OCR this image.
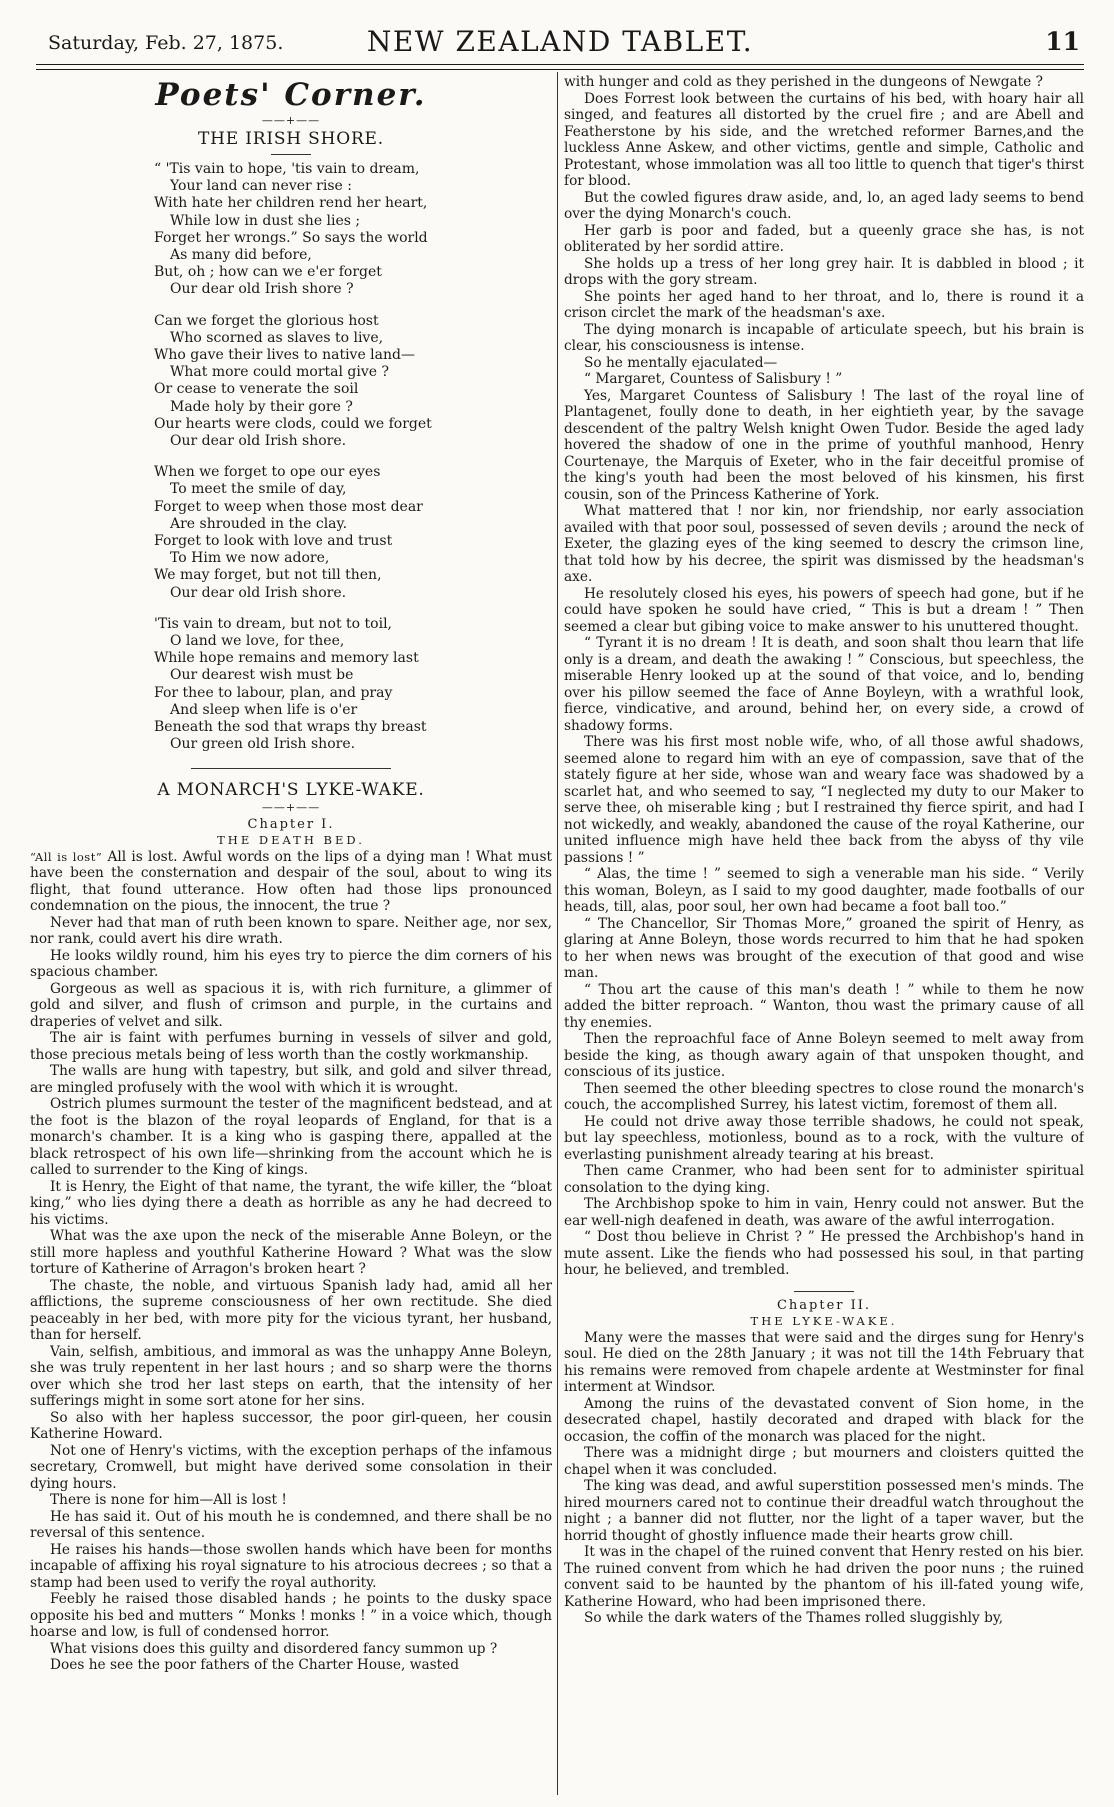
Saturday, Feb. 27, 1875.	NEW ZEALAND TABLET.	11
Poets' Corner.
——+——
THE IRISH SHORE.
“ 'Tis vain to hope, 'tis vain to dream,
Your land can never rise :
With hate her children rend her heart,
While low in dust she lies ;
Forget her wrongs.” So says the world
As many did before,
But, oh ; how can we e'er forget
Our dear old Irish shore ?
Can we forget the glorious host
Who scorned as slaves to live,
Who gave their lives to native land—
What more could mortal give ?
Or cease to venerate the soil
Made holy by their gore ?
Our hearts were clods, could we forget
Our dear old Irish shore.
When we forget to ope our eyes
To meet the smile of day,
Forget to weep when those most dear
Are shrouded in the clay.
Forget to look with love and trust
To Him we now adore,
We may forget, but not till then,
Our dear old Irish shore.
'Tis vain to dream, but not to toil,
O land we love, for thee,
While hope remains and memory last
Our dearest wish must be
For thee to labour, plan, and pray
And sleep when life is o'er
Beneath the sod that wraps thy breast
Our green old Irish shore.
A MONARCH'S LYKE-WAKE.
——+——
Chapter I.
THE DEATH BED.

“All is lost” All is lost. Awful words on the lips of a dying man ! What must have been the consternation and despair of the soul, about to wing its flight, that found utterance. How often had those lips pronounced condemnation on the pious, the innocent, the true ?

Never had that man of ruth been known to spare. Neither age, nor sex, nor rank, could avert his dire wrath.

He looks wildly round, him his eyes try to pierce the dim corners of his spacious chamber.

Gorgeous as well as spacious it is, with rich furniture, a glimmer of gold and silver, and flush of crimson and purple, in the curtains and draperies of velvet and silk.

The air is faint with perfumes burning in vessels of silver and gold, those precious metals being of less worth than the costly workmanship.

The walls are hung with tapestry, but silk, and gold and silver thread, are mingled profusely with the wool with which it is wrought.

Ostrich plumes surmount the tester of the magnificent bedstead, and at the foot is the blazon of the royal leopards of England, for that is a monarch's chamber. It is a king who is gasping there, appalled at the black retrospect of his own life—shrinking from the account which he is called to surrender to the King of kings.

It is Henry, the Eight of that name, the tyrant, the wife killer, the “bloat king,” who lies dying there a death as horrible as any he had decreed to his victims.

What was the axe upon the neck of the miserable Anne Boleyn, or the still more hapless and youthful Katherine Howard ? What was the slow torture of Katherine of Arragon's broken heart ?

The chaste, the noble, and virtuous Spanish lady had, amid all her afflictions, the supreme consciousness of her own rectitude. She died peaceably in her bed, with more pity for the vicious tyrant, her husband, than for herself.

Vain, selfish, ambitious, and immoral as was the unhappy Anne Boleyn, she was truly repentent in her last hours ; and so sharp were the thorns over which she trod her last steps on earth, that the intensity of her sufferings might in some sort atone for her sins.

So also with her hapless successor, the poor girl-queen, her cousin Katherine Howard.

Not one of Henry's victims, with the exception perhaps of the infamous secretary, Cromwell, but might have derived some consolation in their dying hours.

There is none for him—All is lost !

He has said it. Out of his mouth he is condemned, and there shall be no reversal of this sentence.

He raises his hands—those swollen hands which have been for months incapable of affixing his royal signature to his atrocious decrees ; so that a stamp had been used to verify the royal authority.

Feebly he raised those disabled hands ; he points to the dusky space opposite his bed and mutters “ Monks ! monks ! ” in a voice which, though hoarse and low, is full of condensed horror.

What visions does this guilty and disordered fancy summon up ?

Does he see the poor fathers of the Charter House, wasted

with hunger and cold as they perished in the dungeons of Newgate ?

Does Forrest look between the curtains of his bed, with hoary hair all singed, and features all distorted by the cruel fire ; and are Abell and Featherstone by his side, and the wretched reformer Barnes,and the luckless Anne Askew, and other victims, gentle and simple, Catholic and Protestant, whose immolation was all too little to quench that tiger's thirst for blood.

But the cowled figures draw aside, and, lo, an aged lady seems to bend over the dying Monarch's couch.

Her garb is poor and faded, but a queenly grace she has, is not obliterated by her sordid attire.

She holds up a tress of her long grey hair. It is dabbled in blood ; it drops with the gory stream.

She points her aged hand to her throat, and lo, there is round it a crison circlet the mark of the headsman's axe.

The dying monarch is incapable of articulate speech, but his brain is clear, his consciousness is intense.

So he mentally ejaculated—

“ Margaret, Countess of Salisbury ! ”

Yes, Margaret Countess of Salisbury ! The last of the royal line of Plantagenet, foully done to death, in her eightieth year, by the savage descendent of the paltry Welsh knight Owen Tudor. Beside the aged lady hovered the shadow of one in the prime of youthful manhood, Henry Courtenaye, the Marquis of Exeter, who in the fair deceitful promise of the king's youth had been the most beloved of his kinsmen, his first cousin, son of the Princess Katherine of York.

What mattered that ! nor kin, nor friendship, nor early association availed with that poor soul, possessed of seven devils ; around the neck of Exeter, the glazing eyes of the king seemed to descry the crimson line, that told how by his decree, the spirit was dismissed by the headsman's axe.

He resolutely closed his eyes, his powers of speech had gone, but if he could have spoken he sould have cried, “ This is but a dream ! ” Then seemed a clear but gibing voice to make answer to his unuttered thought.

“ Tyrant it is no dream ! It is death, and soon shalt thou learn that life only is a dream, and death the awaking ! ” Conscious, but speechless, the miserable Henry looked up at the sound of that voice, and lo, bending over his pillow seemed the face of Anne Boyleyn, with a wrathful look, fierce, vindicative, and around, behind her, on every side, a crowd of shadowy forms.

There was his first most noble wife, who, of all those awful shadows, seemed alone to regard him with an eye of compassion, save that of the stately figure at her side, whose wan and weary face was shadowed by a scarlet hat, and who seemed to say, “I neglected my duty to our Maker to serve thee, oh miserable king ; but I restrained thy fierce spirit, and had I not wickedly, and weakly, abandoned the cause of the royal Katherine, our united influence migh have held thee back from the abyss of thy vile passions ! ”

“ Alas, the time ! ” seemed to sigh a venerable man his side. “ Verily this woman, Boleyn, as I said to my good daughter, made footballs of our heads, till, alas, poor soul, her own had became a foot ball too.”

“ The Chancellor, Sir Thomas More,” groaned the spirit of Henry, as glaring at Anne Boleyn, those words recurred to him that he had spoken to her when news was brought of the execution of that good and wise man.

“ Thou art the cause of this man's death ! ” while to them he now added the bitter reproach. “ Wanton, thou wast the primary cause of all thy enemies.

Then the reproachful face of Anne Boleyn seemed to melt away from beside the king, as though awary again of that unspoken thought, and conscious of its justice.

Then seemed the other bleeding spectres to close round the monarch's couch, the accomplished Surrey, his latest victim, foremost of them all.

He could not drive away those terrible shadows, he could not speak, but lay speechless, motionless, bound as to a rock, with the vulture of everlasting punishment already tearing at his breast.

Then came Cranmer, who had been sent for to administer spiritual consolation to the dying king.

The Archbishop spoke to him in vain, Henry could not answer. But the ear well-nigh deafened in death, was aware of the awful interrogation.

“ Dost thou believe in Christ ? ” He pressed the Archbishop's hand in mute assent. Like the fiends who had possessed his soul, in that parting hour, he believed, and trembled.

Chapter II.
THE LYKE-WAKE.

Many were the masses that were said and the dirges sung for Henry's soul. He died on the 28th January ; it was not till the 14th February that his remains were removed from chapele ardente at Westminster for final interment at Windsor.

Among the ruins of the devastated convent of Sion home, in the desecrated chapel, hastily decorated and draped with black for the occasion, the coffin of the monarch was placed for the night.

There was a midnight dirge ; but mourners and cloisters quitted the chapel when it was concluded.

The king was dead, and awful superstition possessed men's minds. The hired mourners cared not to continue their dreadful watch throughout the night ; a banner did not flutter, nor the light of a taper waver, but the horrid thought of ghostly influence made their hearts grow chill.

It was in the chapel of the ruined convent that Henry rested on his bier. The ruined convent from which he had driven the poor nuns ; the ruined convent said to be haunted by the phantom of his ill-fated young wife, Katherine Howard, who had been imprisoned there.

So while the dark waters of the Thames rolled sluggishly by,
